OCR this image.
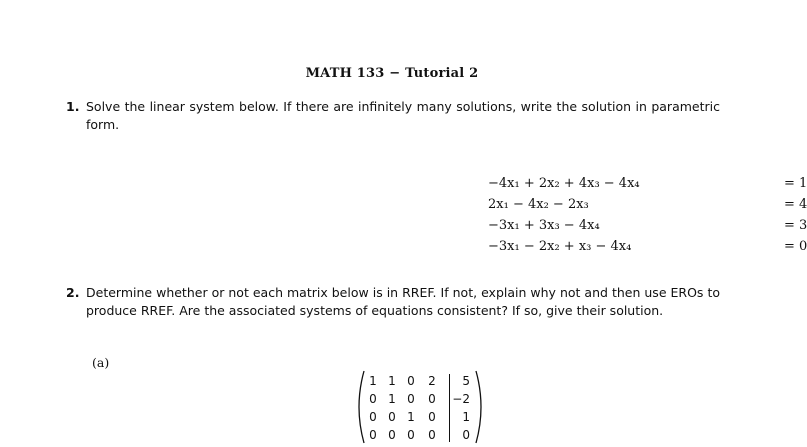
MATH 133 − Tutorial 2
1. Solve the linear system below. If there are infinitely many solutions, write the solution in parametric form.
−4x₁ + 2x₂ + 4x₃ − 4x₄	= 1
2x₁ − 4x₂ − 2x₃	= 4
−3x₁ + 3x₃ − 4x₄	= 3
−3x₁ − 2x₂ + x₃ − 4x₄	= 0
2. Determine whether or not each matrix below is in RREF. If not, explain why not and then use EROs to produce RREF. Are the associated systems of equations consistent? If so, give their solution.
(a)
1 1 0	2	5
0 1 0	0	−2
0 0 1	0	1
0 0 0	0	0
